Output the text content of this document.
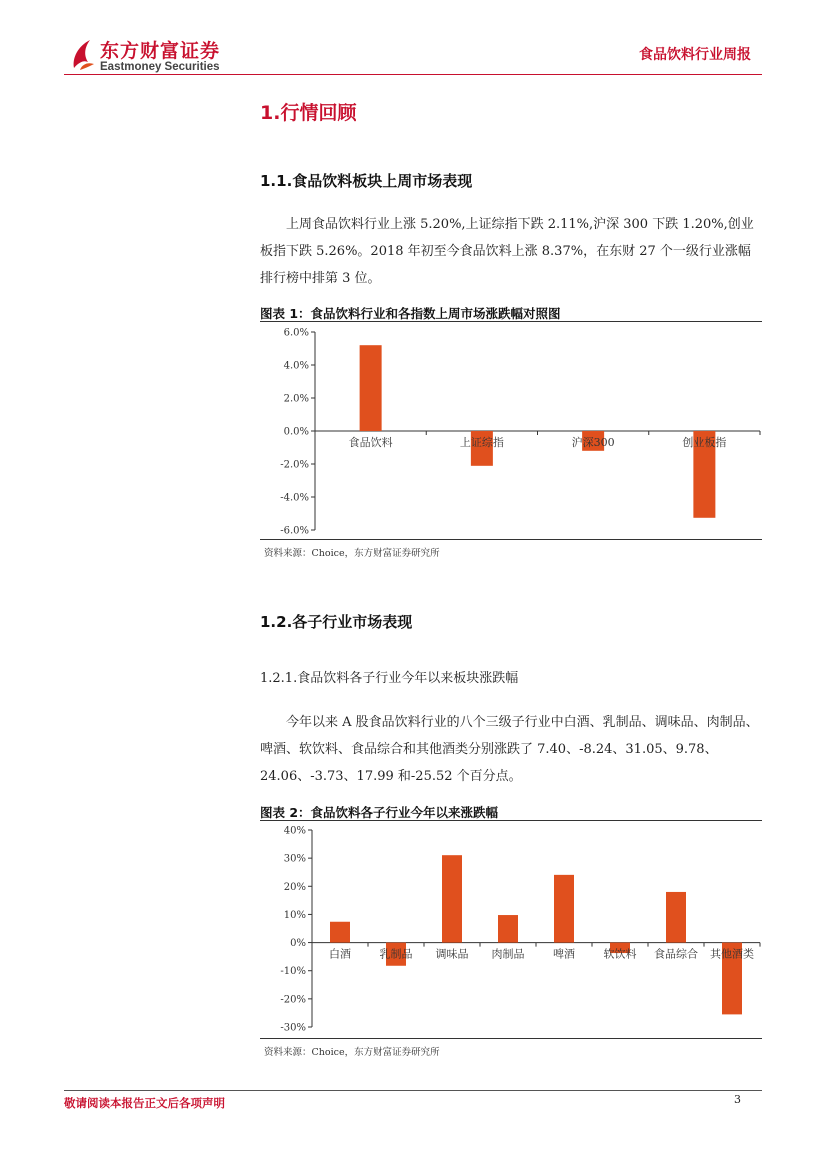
东方财富证券
Eastmoney Securities
食品饮料行业周报
1.行情回顾
1.1.食品饮料板块上周市场表现

上周食品饮料行业上涨 5.20%,上证综指下跌 2.11%,沪深 300 下跌 1.20%,创业板指下跌 5.26%。2018 年初至今食品饮料上涨 8.37%，在东财 27 个一级行业涨幅排行榜中排第 3 位。

图表 1：食品饮料行业和各指数上周市场涨跌幅对照图
6.0%
4.0%
2.0%
0.0%
-2.0%
-4.0%
-6.0%
食品饮料	上证综指	沪深300	创业板指
资料来源：Choice，东方财富证券研究所
1.2.各子行业市场表现
1.2.1.食品饮料各子行业今年以来板块涨跌幅

今年以来 A 股食品饮料行业的八个三级子行业中白酒、乳制品、调味品、肉制品、啤酒、软饮料、食品综合和其他酒类分别涨跌了 7.40、-8.24、31.05、9.78、24.06、-3.73、17.99 和-25.52 个百分点。

图表 2：食品饮料各子行业今年以来涨跌幅
40%
30%
20%
10%
0%
-10%
-20%
-30%
白酒	乳制品 调味品 肉制品	啤酒	软饮料 食品综合 其他酒类
资料来源：Choice，东方财富证券研究所
敬请阅读本报告正文后各项声明	3
